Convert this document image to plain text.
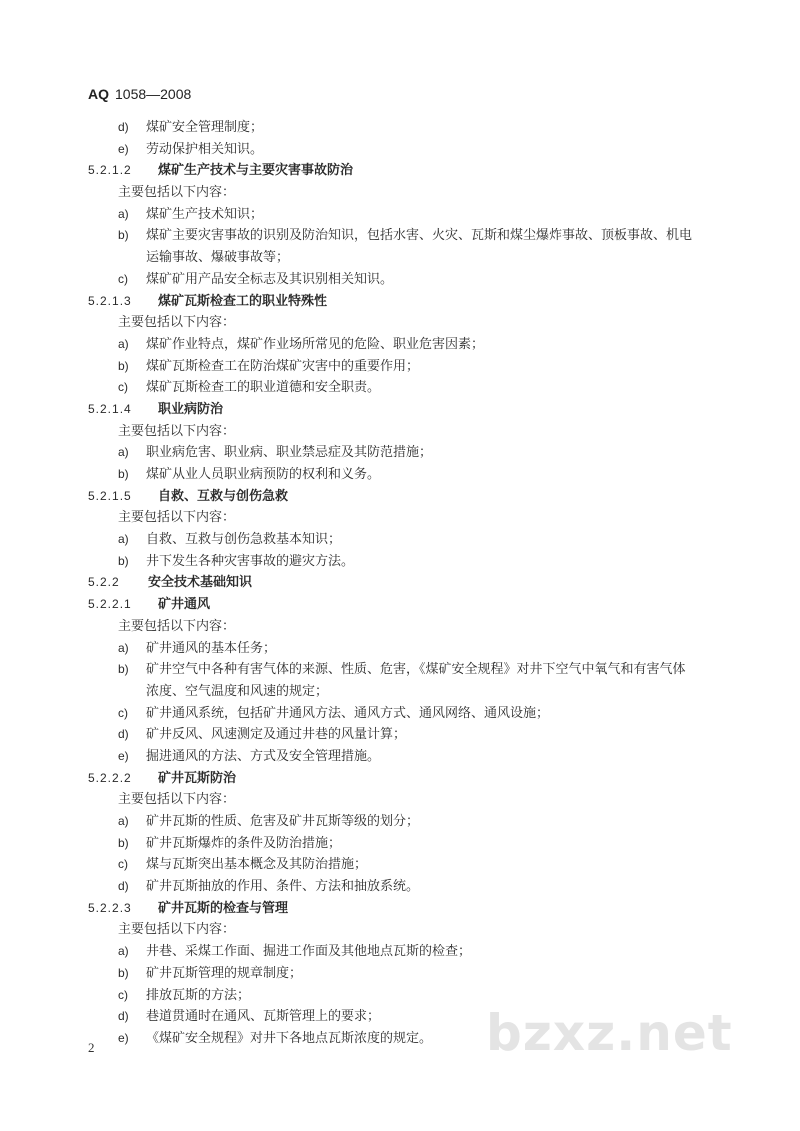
AQ 1058—2008
d) 煤矿安全管理制度；
e) 劳动保护相关知识。
5.2.1.2 煤矿生产技术与主要灾害事故防治
主要包括以下内容：
a) 煤矿生产技术知识；
b) 煤矿主要灾害事故的识别及防治知识，包括水害、火灾、瓦斯和煤尘爆炸事故、顶板事故、机电
运输事故、爆破事故等；
c) 煤矿矿用产品安全标志及其识别相关知识。
5.2.1.3 煤矿瓦斯检查工的职业特殊性
主要包括以下内容：
a) 煤矿作业特点，煤矿作业场所常见的危险、职业危害因素；
b) 煤矿瓦斯检查工在防治煤矿灾害中的重要作用；
c) 煤矿瓦斯检查工的职业道德和安全职责。
5.2.1.4 职业病防治
主要包括以下内容：
a) 职业病危害、职业病、职业禁忌症及其防范措施；
b) 煤矿从业人员职业病预防的权利和义务。
5.2.1.5 自救、互救与创伤急救
主要包括以下内容：
a) 自救、互救与创伤急救基本知识；
b) 井下发生各种灾害事故的避灾方法。
5.2.2 安全技术基础知识
5.2.2.1 矿井通风
主要包括以下内容：
a) 矿井通风的基本任务；
b) 矿井空气中各种有害气体的来源、性质、危害，《煤矿安全规程》对井下空气中氧气和有害气体
浓度、空气温度和风速的规定；
c) 矿井通风系统，包括矿井通风方法、通风方式、通风网络、通风设施；
d) 矿井反风、风速测定及通过井巷的风量计算；
e) 掘进通风的方法、方式及安全管理措施。
5.2.2.2 矿井瓦斯防治
主要包括以下内容：
a) 矿井瓦斯的性质、危害及矿井瓦斯等级的划分；
b) 矿井瓦斯爆炸的条件及防治措施；
c) 煤与瓦斯突出基本概念及其防治措施；
d) 矿井瓦斯抽放的作用、条件、方法和抽放系统。
5.2.2.3 矿井瓦斯的检查与管理
主要包括以下内容：
a) 井巷、采煤工作面、掘进工作面及其他地点瓦斯的检查；
b) 矿井瓦斯管理的规章制度；
c) 排放瓦斯的方法；
d) 巷道贯通时在通风、瓦斯管理上的要求；
e) 《煤矿安全规程》对井下各地点瓦斯浓度的规定。
2	bzxz.net
